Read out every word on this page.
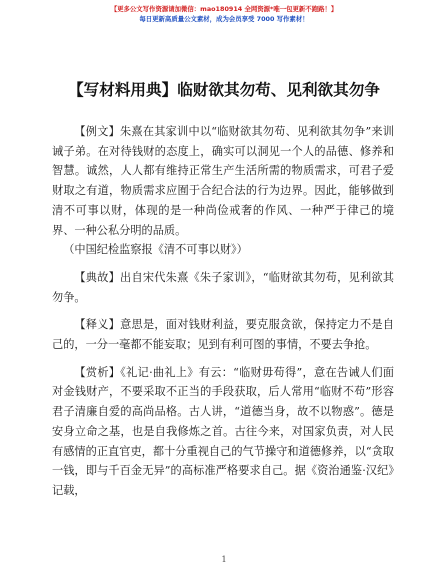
【更多公文写作资源请加微信：mao180914 全网资源*唯一包更新不跑路！】
每日更新高质量公文素材，成为会员享受 7000 写作素材！
【写材料用典】临财欲其勿苟、见利欲其勿争

【例文】朱熹在其家训中以“临财欲其勿苟、见利欲其勿争”来训诫子弟。在对待钱财的态度上，确实可以洞见一个人的品德、修养和智慧。诚然，人人都有维持正常生产生活所需的物质需求，可君子爱财取之有道，物质需求应囿于合纪合法的行为边界。因此，能够做到清不可事以财，体现的是一种尚俭戒奢的作风、一种严于律己的境界、一种公私分明的品质。

（中国纪检监察报《清不可事以财》）

【典故】出自宋代朱熹《朱子家训》，“临财欲其勿苟，见利欲其勿争。

【释义】意思是，面对钱财利益，要克服贪欲，保持定力不是自己的，一分一毫都不能妄取；见到有利可图的事情，不要去争抢。

【赏析】《礼记·曲礼上》有云：“临财毋苟得”，意在告诫人们面对金钱财产，不要采取不正当的手段获取，后人常用“临财不苟”形容君子清廉自爱的高尚品格。古人讲，“道德当身，故不以物惑”。德是安身立命之基，也是自我修炼之首。古往今来，对国家负责，对人民有感情的正直官吏，都十分重视自己的气节操守和道德修养，以“贪取一钱，即与千百金无异”的高标准严格要求自己。据《资治通鉴·汉纪》记载，

1
